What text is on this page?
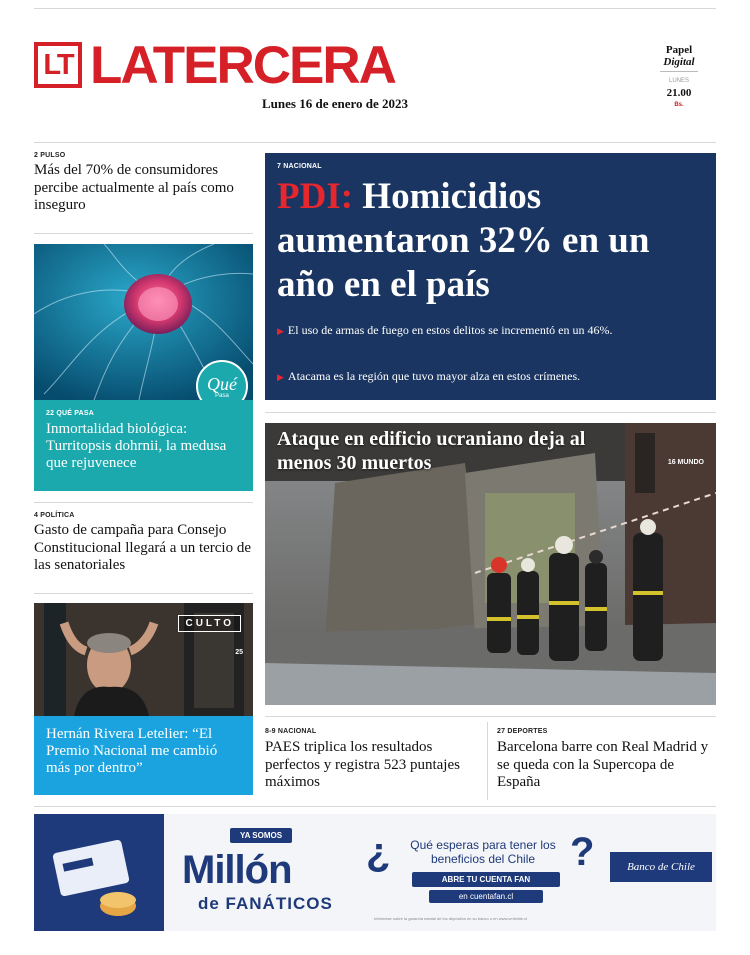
LT LATERCERA
Lunes 16 de enero de 2023
Papel
Digital
LUNES
21.00
Bs.
2 PULSO
Más del 70% de consumidores percibe actualmente al país como inseguro
Qué
Pasa
22 QUÉ PASA
Inmortalidad biológica: Turritopsis dohrnii, la medusa que rejuvenece
4 POLÍTICA
Gasto de campaña para Consejo Constitucional llegará a un tercio de las senatoriales
CULTO
25
Hernán Rivera Letelier: “El Premio Nacional me cambió más por dentro”
7 NACIONAL
PDI: Homicidios aumentaron 32% en un año en el país
▶ El uso de armas de fuego en estos delitos se incrementó en un 46%.
▶ Atacama es la región que tuvo mayor alza en estos crímenes.
Ataque en edificio ucraniano deja al menos 30 muertos	16 MUNDO
8-9 NACIONAL
PAES triplica los resultados perfectos y registra 523 puntajes máximos
27 DEPORTES
Barcelona barre con Real Madrid y se queda con la Supercopa de España
YA SOMOS
Millón
de FANÁTICOS
¿	Qué esperas para tener los beneficios del Chile ?
ABRE TU CUENTA FAN
en cuentafan.cl
Banco de Chile
Infórmese sobre la garantía estatal de los depósitos en su banco o en www.cmfchile.cl
